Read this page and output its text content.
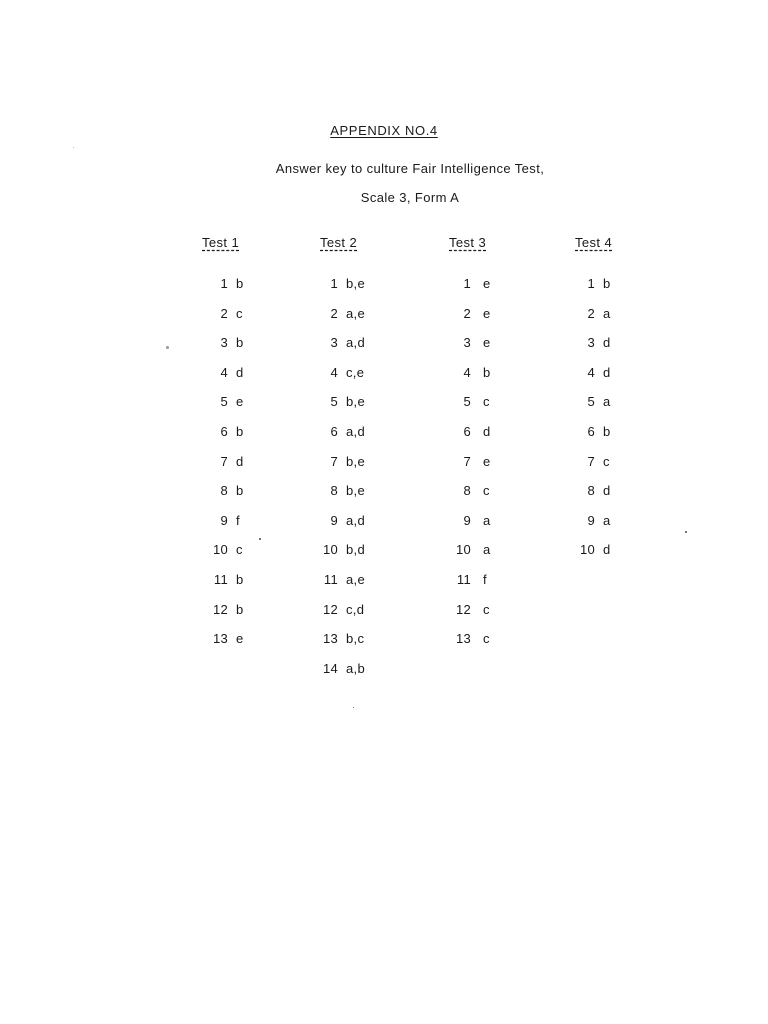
APPENDIX NO.4
Answer key to culture Fair Intelligence Test,
Scale 3, Form A
Test 1
1 b
2 c
3 b
4 d
5 e
6 b
7 d
8 b
9 f
10 c
11 b
12 b
13 e
Test 2
1 b,e
2 a,e
3 a,d
4 c,e
5 b,e
6 a,d
7 b,e
8 b,e
9 a,d
10 b,d
11 a,e
12 c,d
13 b,c
14 a,b
Test 3
1 e
2 e
3 e
4 b
5 c
6 d
7 e
8 c
9 a
10 a
11 f
12 c
13 c
Test 4
1 b
2 a
3 d
4 d
5 a
6 b
7 c
8 d
9 a
10 d
